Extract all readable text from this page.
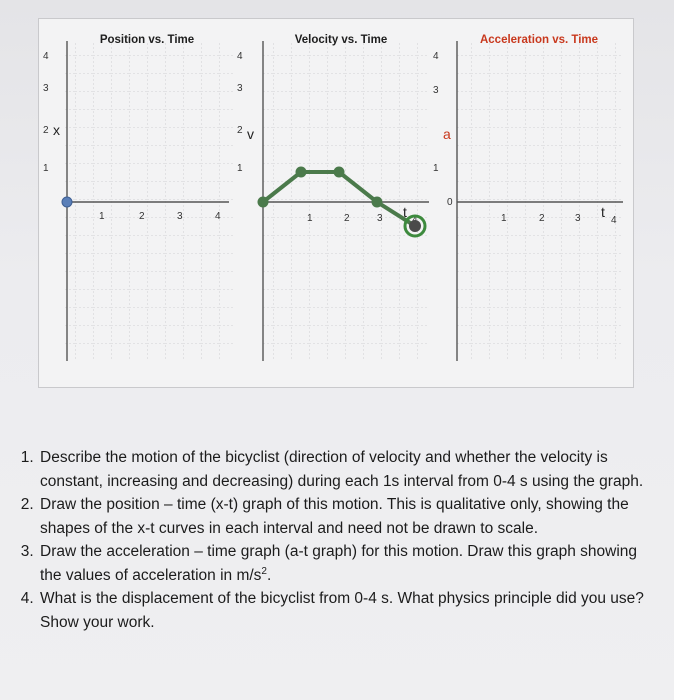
Position vs. Time	Velocity vs. Time	Acceleration vs. Time
4
3
2
1
x
1	2	3	4
4
3
2
1
v
1	2	3 t
4
3
1
0
a
1	2	3 t
4
1. Describe the motion of the bicyclist (direction of velocity and whether the velocity is constant, increasing and decreasing) during each 1s interval from 0-4 s using the graph.
2. Draw the position – time (x-t) graph of this motion. This is qualitative only, showing the shapes of the x-t curves in each interval and need not be drawn to scale.
3. Draw the acceleration – time graph (a-t graph) for this motion. Draw this graph showing the values of acceleration in $m/s^2$.
4. What is the displacement of the bicyclist from 0-4 s. What physics principle did you use? Show your work.
